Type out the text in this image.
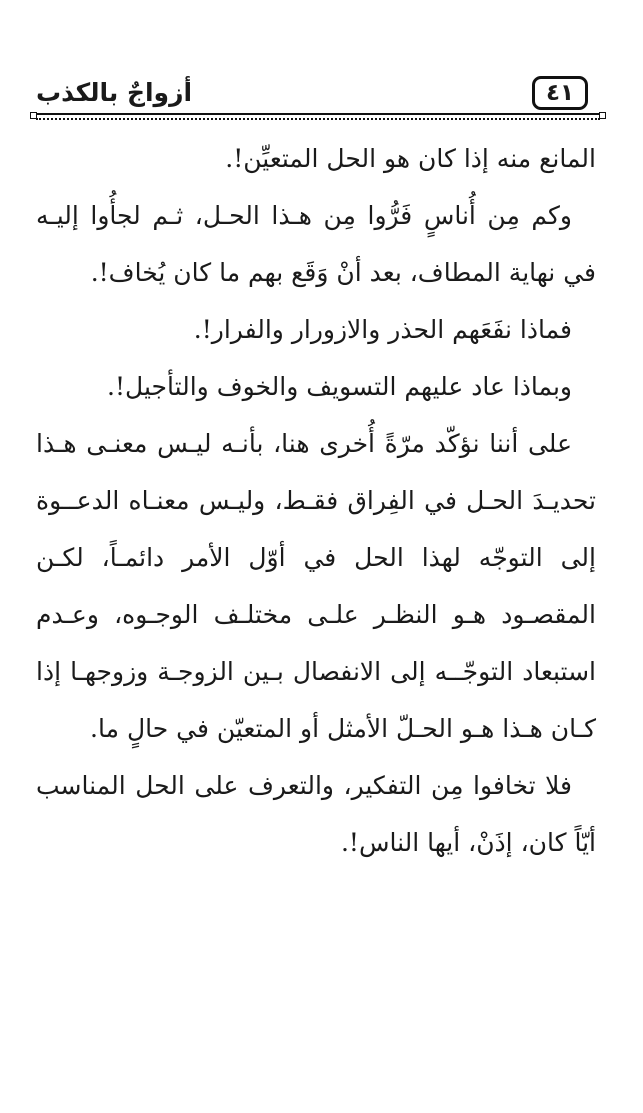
٤١
أزواجٌ بالكذب

المانع منه إذا كان هو الحل المتعيِّن!.

وكم مِن أُناسٍ فَرُّوا مِن هـذا الحـل، ثـم لجأُوا إليـه في نهاية المطاف، بعد أنْ وَقَع بهم ما كان يُخاف!.

فماذا نفَعَهم الحذر والازورار والفرار!.

وبماذا عاد عليهم التسويف والخوف والتأجيل!.

على أننا نؤكّد مرّةً أُخرى هنا، بأنـه ليـس معنـى هـذا تحديـدَ الحـل في الفِراق فقـط، وليـس معنـاه الدعــوة إلى التوجّه لهذا الحل في أوّل الأمر دائمـاً، لكـن المقصـود هـو النظـر علـى مختلـف الوجـوه، وعـدم استبعاد التوجّــه إلى الانفصال بـين الزوجـة وزوجهـا إذا كـان هـذا هـو الحـلّ الأمثل أو المتعيّن في حالٍ ما.

فلا تخافوا مِن التفكير، والتعرف على الحل المناسب أيّاً كان، إذَنْ، أيها الناس!.
